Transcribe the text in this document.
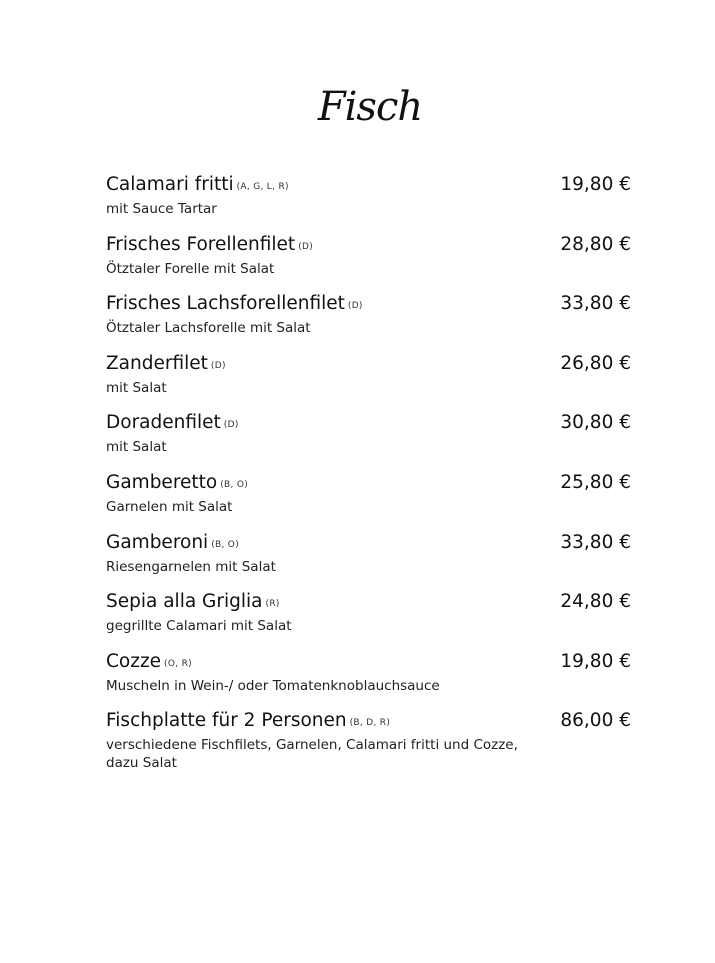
Fisch
Calamari fritti (A, G, L, R)
mit Sauce Tartar
19,80 €
Frisches Forellenfilet (D)
Ötztaler Forelle mit Salat
28,80 €
Frisches Lachsforellenfilet (D)
Ötztaler Lachsforelle mit Salat
33,80 €
Zanderfilet (D)
mit Salat
26,80 €
Doradenfilet (D)
mit Salat
30,80 €
Gamberetto (B, O)
Garnelen mit Salat
25,80 €
Gamberoni (B, O)
Riesengarnelen mit Salat
33,80 €
Sepia alla Griglia (R)
gegrillte Calamari mit Salat
24,80 €
Cozze (O, R)
Muscheln in Wein-/ oder Tomatenknoblauchsauce
19,80 €
Fischplatte für 2 Personen (B, D, R)
verschiedene Fischfilets, Garnelen, Calamari fritti und Cozze, dazu Salat
86,00 €
